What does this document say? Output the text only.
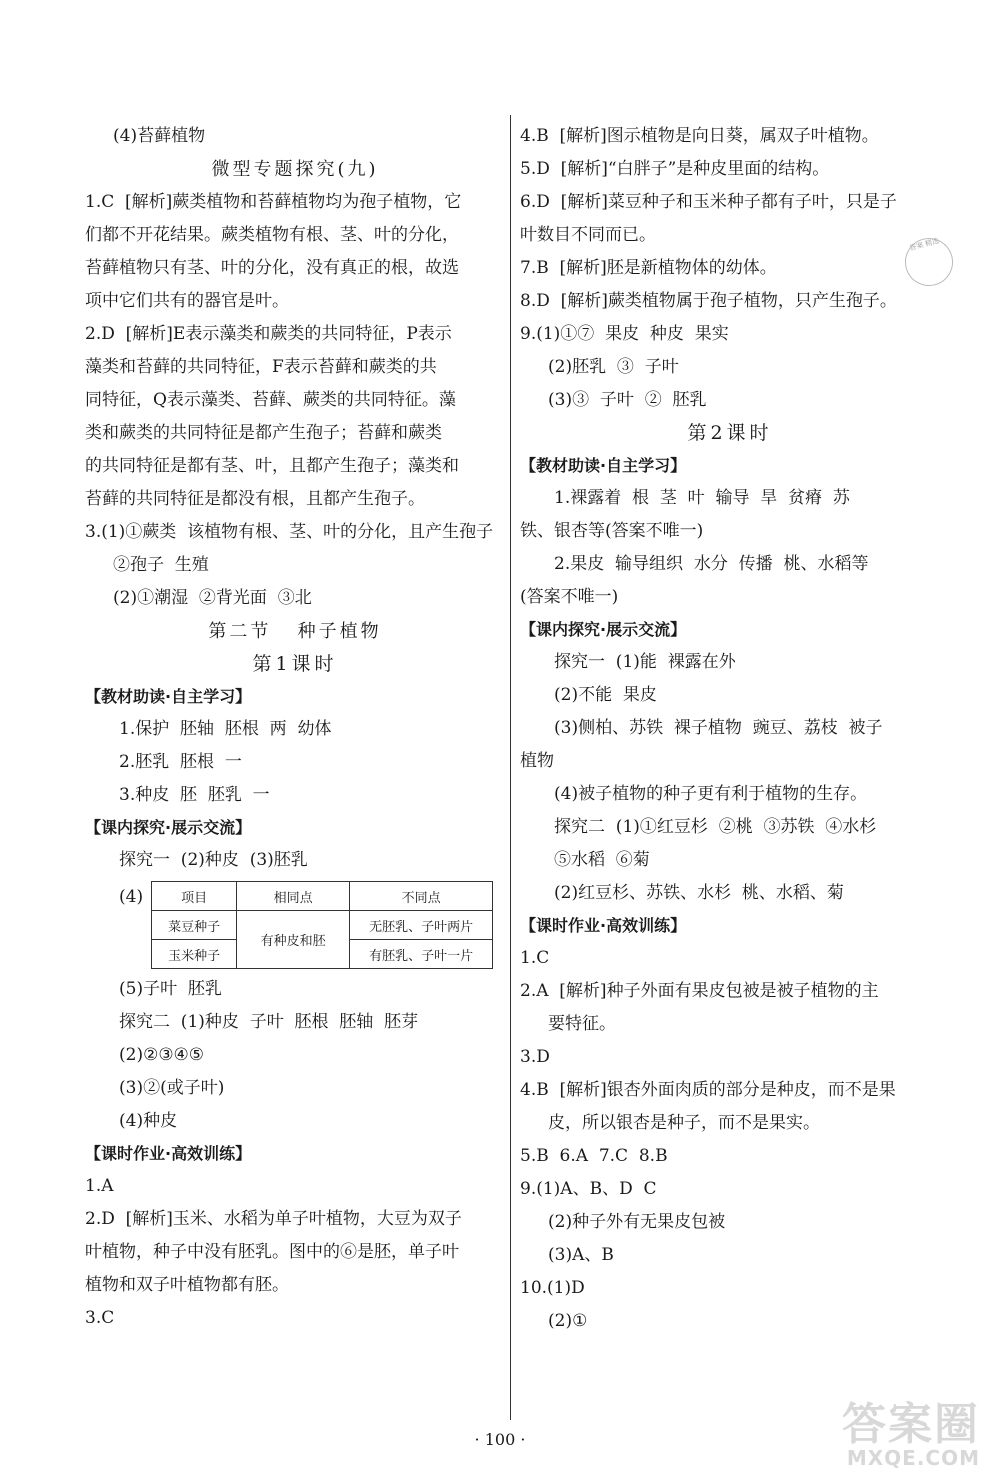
(4)苔藓植物
微型专题探究(九)
1.C  [解析]蕨类植物和苔藓植物均为孢子植物，它
们都不开花结果。蕨类植物有根、茎、叶的分化，
苔藓植物只有茎、叶的分化，没有真正的根，故选
项中它们共有的器官是叶。
2.D  [解析]E表示藻类和蕨类的共同特征，P表示
藻类和苔藓的共同特征，F表示苔藓和蕨类的共
同特征，Q表示藻类、苔藓、蕨类的共同特征。藻
类和蕨类的共同特征是都产生孢子；苔藓和蕨类
的共同特征是都有茎、叶，且都产生孢子；藻类和
苔藓的共同特征是都没有根，且都产生孢子。
3.(1)①蕨类  该植物有根、茎、叶的分化，且产生孢子
②孢子  生殖
(2)①潮湿  ②背光面  ③北
第二节   种子植物
第1课时
【教材助读·自主学习】
1.保护  胚轴  胚根  两  幼体
2.胚乳  胚根  一
3.种皮  胚  胚乳  一
【课内探究·展示交流】
探究一  (2)种皮  (3)胚乳
(4)	项目	相同点	不同点
菜豆种子	有种皮和胚	无胚乳、子叶两片
玉米种子		有胚乳、子叶一片
(5)子叶  胚乳
探究二  (1)种皮  子叶  胚根  胚轴  胚芽
(2)②③④⑤
(3)②(或子叶)
(4)种皮
【课时作业·高效训练】
1.A
2.D  [解析]玉米、水稻为单子叶植物，大豆为双子
叶植物，种子中没有胚乳。图中的⑥是胚，单子叶
植物和双子叶植物都有胚。
3.C
4.B  [解析]图示植物是向日葵，属双子叶植物。
5.D  [解析]“白胖子”是种皮里面的结构。
6.D  [解析]菜豆种子和玉米种子都有子叶，只是子
叶数目不同而已。
7.B  [解析]胚是新植物体的幼体。
8.D  [解析]蕨类植物属于孢子植物，只产生孢子。
9.(1)①⑦  果皮  种皮  果实
(2)胚乳  ③  子叶
(3)③  子叶  ②  胚乳
第2课时
【教材助读·自主学习】
1.裸露着  根  茎  叶  输导  旱  贫瘠  苏
铁、银杏等(答案不唯一)
2.果皮  输导组织  水分  传播  桃、水稻等
(答案不唯一)
【课内探究·展示交流】
探究一  (1)能  裸露在外
(2)不能  果皮
(3)侧柏、苏铁  裸子植物  豌豆、荔枝  被子
植物
(4)被子植物的种子更有利于植物的生存。
探究二  (1)①红豆杉  ②桃  ③苏铁  ④水杉
⑤水稻  ⑥菊
(2)红豆杉、苏铁、水杉  桃、水稻、菊
【课时作业·高效训练】
1.C
2.A  [解析]种子外面有果皮包被是被子植物的主
要特征。
3.D
4.B  [解析]银杏外面肉质的部分是种皮，而不是果
皮，所以银杏是种子，而不是果实。
5.B  6.A  7.C  8.B
9.(1)A、B、D  C
(2)种子外有无果皮包被
(3)A、B
10.(1)D
(2)①
答案 精选
· 100 ·	答案圈
MXQE.COM
